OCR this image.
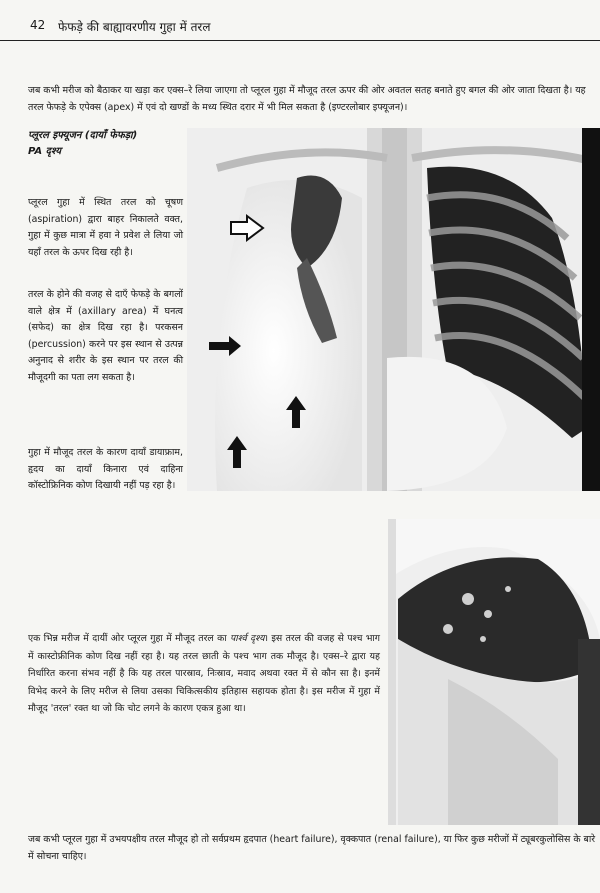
42 फेफड़े की बाह्यावरणीय गुहा में तरल
जब कभी मरीज को बैठाकर या खड़ा कर एक्स–रे लिया जाएगा तो प्लूरल गुहा में मौजूद तरल ऊपर की ओर अवतल सतह बनाते हुए बगल की ओर जाता दिखता है। यह तरल फेफड़े के एपेक्स (apex) में एवं दो खण्डों के मध्य स्थित दरार में भी मिल सकता है (इण्टरलोबार इफ्यूजन)।
प्लूरल इफ्यूजन (दायाँ फेफड़ा)
PA दृश्य
प्लूरल गुहा में स्थित तरल को चूषण (aspiration) द्वारा बाहर निकालते वक्त, गुहा में कुछ मात्रा में हवा ने प्रवेश ले लिया जो यहाँ तरल के ऊपर दिख रही है।
तरल के होने की वजह से दाएँ फेफड़े के बगलों वाले क्षेत्र में (axillary area) में घनत्व (सफेद) का क्षेत्र दिख रहा है। परकसन (percussion) करने पर इस स्थान से उत्पन्न अनुनाद से शरीर के इस स्थान पर तरल की मौजूदगी का पता लग सकता है।
गुहा में मौजूद तरल के कारण दायाँ डायाफ्राम, हृदय का दायाँ किनारा एवं दाहिना कॉस्टोफ्रिनिक कोण दिखायी नहीं पड़ रहा है।
एक भिन्न मरीज में दायीं ओर प्लूरल गुहा में मौजूद तरल का पार्श्व दृश्य। इस तरल की वजह से पश्च भाग में कास्टोफ्रीनिक कोण दिख नहीं रहा है। यह तरल छाती के पश्च भाग तक मौजूद है। एक्स–रे द्वारा यह निर्धारित करना संभव नहीं है कि यह तरल पारस्राव, निःस्राव, मवाद अथवा रक्त में से कौन सा है। इनमें विभेद करने के लिए मरीज से लिया उसका चिकित्सकीय इतिहास सहायक होता है। इस मरीज में गुहा में मौजूद 'तरल' रक्त था जो कि चोट लगने के कारण एकत्र हुआ था।
जब कभी प्लूरल गुहा में उभयपक्षीय तरल मौजूद हो तो सर्वप्रथम हृदपात (heart failure), वृक्कपात (renal failure), या फिर कुछ मरीजों में ट्यूबरकुलोसिस के बारे में सोचना चाहिए।
